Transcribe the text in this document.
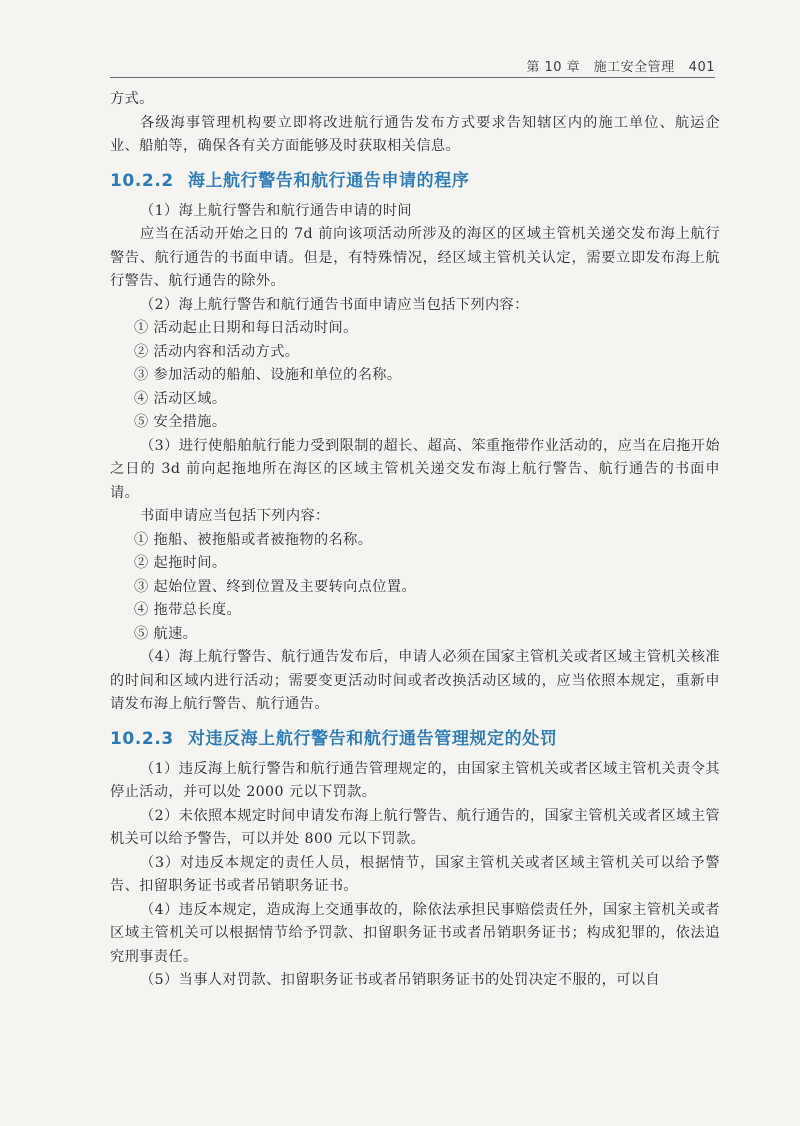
第 10 章　施工安全管理 401

方式。

各级海事管理机构要立即将改进航行通告发布方式要求告知辖区内的施工单位、航运企业、船舶等，确保各有关方面能够及时获取相关信息。

10.2.2 海上航行警告和航行通告申请的程序

（1）海上航行警告和航行通告申请的时间

应当在活动开始之日的 7d 前向该项活动所涉及的海区的区域主管机关递交发布海上航行警告、航行通告的书面申请。但是，有特殊情况，经区域主管机关认定，需要立即发布海上航行警告、航行通告的除外。

（2）海上航行警告和航行通告书面申请应当包括下列内容：

① 活动起止日期和每日活动时间。

② 活动内容和活动方式。

③ 参加活动的船舶、设施和单位的名称。

④ 活动区域。

⑤ 安全措施。

（3）进行使船舶航行能力受到限制的超长、超高、笨重拖带作业活动的，应当在启拖开始之日的 3d 前向起拖地所在海区的区域主管机关递交发布海上航行警告、航行通告的书面申请。

书面申请应当包括下列内容：

① 拖船、被拖船或者被拖物的名称。

② 起拖时间。

③ 起始位置、终到位置及主要转向点位置。

④ 拖带总长度。

⑤ 航速。

（4）海上航行警告、航行通告发布后，申请人必须在国家主管机关或者区域主管机关核准的时间和区域内进行活动；需要变更活动时间或者改换活动区域的，应当依照本规定，重新申请发布海上航行警告、航行通告。

10.2.3 对违反海上航行警告和航行通告管理规定的处罚

（1）违反海上航行警告和航行通告管理规定的，由国家主管机关或者区域主管机关责令其停止活动，并可以处 2000 元以下罚款。

（2）未依照本规定时间申请发布海上航行警告、航行通告的，国家主管机关或者区域主管机关可以给予警告，可以并处 800 元以下罚款。

（3）对违反本规定的责任人员，根据情节，国家主管机关或者区域主管机关可以给予警告、扣留职务证书或者吊销职务证书。

（4）违反本规定，造成海上交通事故的，除依法承担民事赔偿责任外，国家主管机关或者区域主管机关可以根据情节给予罚款、扣留职务证书或者吊销职务证书；构成犯罪的，依法追究刑事责任。

（5）当事人对罚款、扣留职务证书或者吊销职务证书的处罚决定不服的，可以自
